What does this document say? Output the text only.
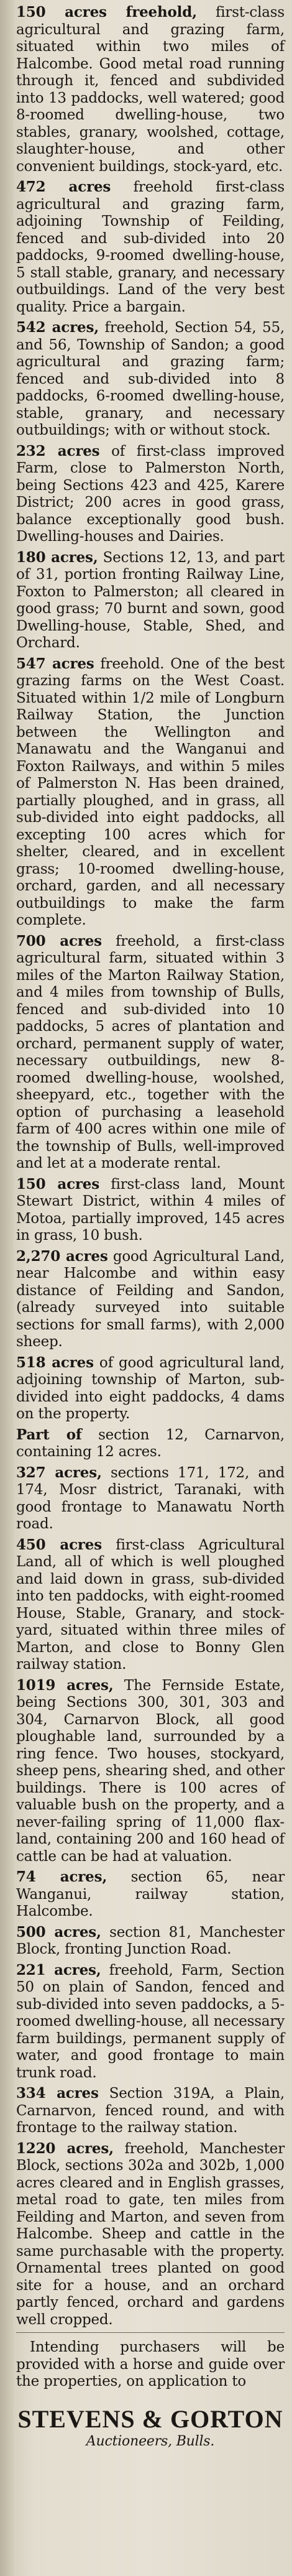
150 acres freehold, first-class agricultural and grazing farm, situated within two miles of Halcombe. Good metal road running through it, fenced and subdivided into 13 paddocks, well watered; good 8-roomed dwelling-house, two stables, granary, woolshed, cottage, slaughter-house, and other convenient buildings, stock-yard, etc.

472 acres freehold first-class agricultural and grazing farm, adjoining Township of Feilding, fenced and sub-divided into 20 paddocks, 9-roomed dwelling-house, 5 stall stable, granary, and necessary outbuildings. Land of the very best quality. Price a bargain.

542 acres, freehold, Section 54, 55, and 56, Township of Sandon; a good agricultural and grazing farm; fenced and sub-divided into 8 paddocks, 6-roomed dwelling-house, stable, granary, and necessary outbuildings; with or without stock.

232 acres of first-class improved Farm, close to Palmerston North, being Sections 423 and 425, Karere District; 200 acres in good grass, balance exceptionally good bush. Dwelling-houses and Dairies.

180 acres, Sections 12, 13, and part of 31, portion fronting Railway Line, Foxton to Palmerston; all cleared in good grass; 70 burnt and sown, good Dwelling-house, Stable, Shed, and Orchard.

547 acres freehold. One of the best grazing farms on the West Coast. Situated within 1/2 mile of Longburn Railway Station, the Junction between the Wellington and Manawatu and the Wanganui and Foxton Railways, and within 5 miles of Palmerston N. Has been drained, partially ploughed, and in grass, all sub-divided into eight paddocks, all excepting 100 acres which for shelter, cleared, and in excellent grass; 10-roomed dwelling-house, orchard, garden, and all necessary outbuildings to make the farm complete.

700 acres freehold, a first-class agricultural farm, situated within 3 miles of the Marton Railway Station, and 4 miles from township of Bulls, fenced and sub-divided into 10 paddocks, 5 acres of plantation and orchard, permanent supply of water, necessary outbuildings, new 8-roomed dwelling-house, woolshed, sheepyard, etc., together with the option of purchasing a leasehold farm of 400 acres within one mile of the township of Bulls, well-improved and let at a moderate rental.

150 acres first-class land, Mount Stewart District, within 4 miles of Motoa, partially improved, 145 acres in grass, 10 bush.

2,270 acres good Agricultural Land, near Halcombe and within easy distance of Feilding and Sandon, (already surveyed into suitable sections for small farms), with 2,000 sheep.

518 acres of good agricultural land, adjoining township of Marton, sub-divided into eight paddocks, 4 dams on the property.

Part of section 12, Carnarvon, containing 12 acres.

327 acres, sections 171, 172, and 174, Mosr district, Taranaki, with good frontage to Manawatu North road.

450 acres first-class Agricultural Land, all of which is well ploughed and laid down in grass, sub-divided into ten paddocks, with eight-roomed House, Stable, Granary, and stock-yard, situated within three miles of Marton, and close to Bonny Glen railway station.

1019 acres, The Fernside Estate, being Sections 300, 301, 303 and 304, Carnarvon Block, all good ploughable land, surrounded by a ring fence. Two houses, stockyard, sheep pens, shearing shed, and other buildings. There is 100 acres of valuable bush on the property, and a never-failing spring of 11,000 flax-land, containing 200 and 160 head of cattle can be had at valuation.

74 acres, section 65, near Wanganui, railway station, Halcombe.

500 acres, section 81, Manchester Block, fronting Junction Road.

221 acres, freehold, Farm, Section 50 on plain of Sandon, fenced and sub-divided into seven paddocks, a 5-roomed dwelling-house, all necessary farm buildings, permanent supply of water, and good frontage to main trunk road.

334 acres Section 319A, a Plain, Carnarvon, fenced round, and with frontage to the railway station.

1220 acres, freehold, Manchester Block, sections 302a and 302b, 1,000 acres cleared and in English grasses, metal road to gate, ten miles from Feilding and Marton, and seven from Halcombe. Sheep and cattle in the same purchasable with the property. Ornamental trees planted on good site for a house, and an orchard partly fenced, orchard and gardens well cropped.

Intending purchasers will be provided with a horse and guide over the properties, on application to

STEVENS & GORTON
Auctioneers, Bulls.
